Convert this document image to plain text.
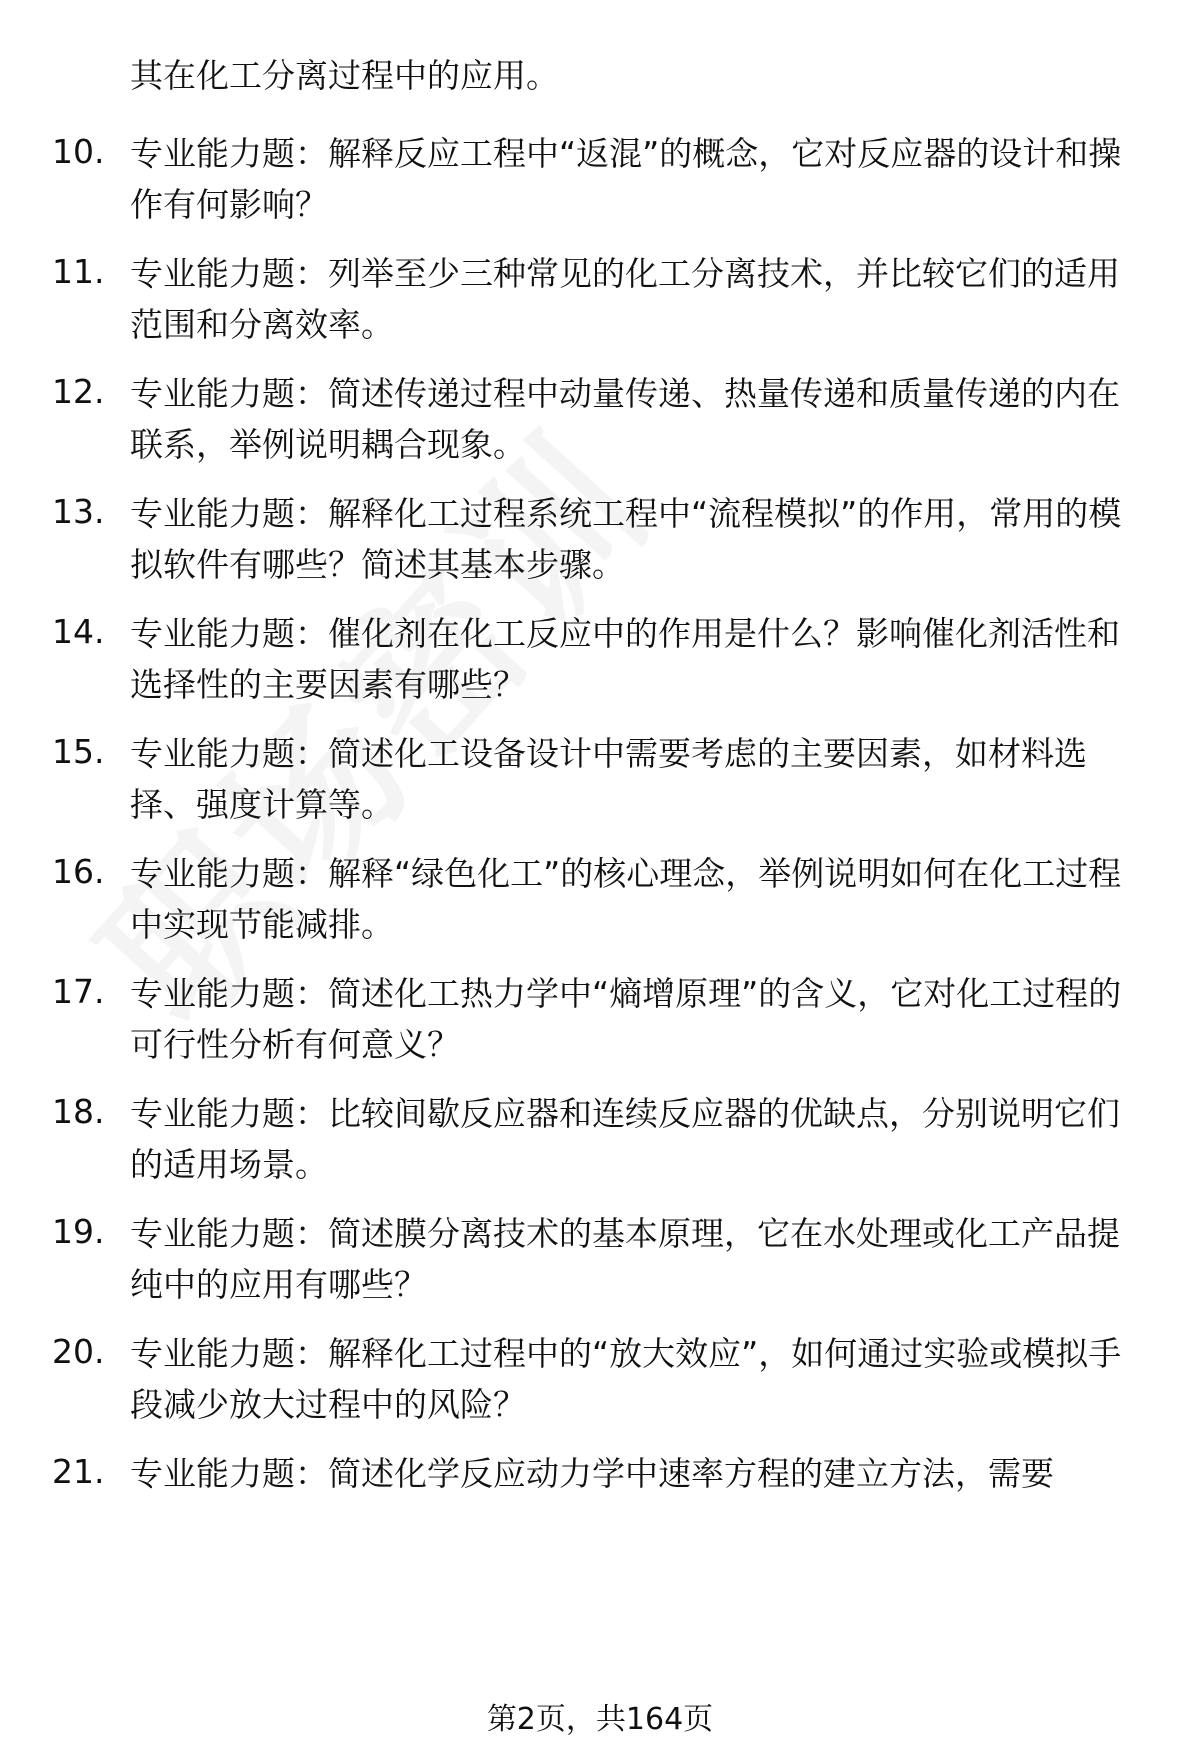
其在化工分离过程中的应用。
10. 专业能力题：解释反应工程中“返混”的概念，它对反应器的设计和操作有何影响？
11. 专业能力题：列举至少三种常见的化工分离技术，并比较它们的适用范围和分离效率。
12. 专业能力题：简述传递过程中动量传递、热量传递和质量传递的内在联系，举例说明耦合现象。
13. 专业能力题：解释化工过程系统工程中“流程模拟”的作用，常用的模拟软件有哪些？简述其基本步骤。
14. 专业能力题：催化剂在化工反应中的作用是什么？影响催化剂活性和选择性的主要因素有哪些？
15. 专业能力题：简述化工设备设计中需要考虑的主要因素，如材料选择、强度计算等。
16. 专业能力题：解释“绿色化工”的核心理念，举例说明如何在化工过程中实现节能减排。
17. 专业能力题：简述化工热力学中“熵增原理”的含义，它对化工过程的可行性分析有何意义？
18. 专业能力题：比较间歇反应器和连续反应器的优缺点，分别说明它们的适用场景。
19. 专业能力题：简述膜分离技术的基本原理，它在水处理或化工产品提纯中的应用有哪些？
20. 专业能力题：解释化工过程中的“放大效应”，如何通过实验或模拟手段减少放大过程中的风险？
21. 专业能力题：简述化学反应动力学中速率方程的建立方法，需要
第2页，共164页
